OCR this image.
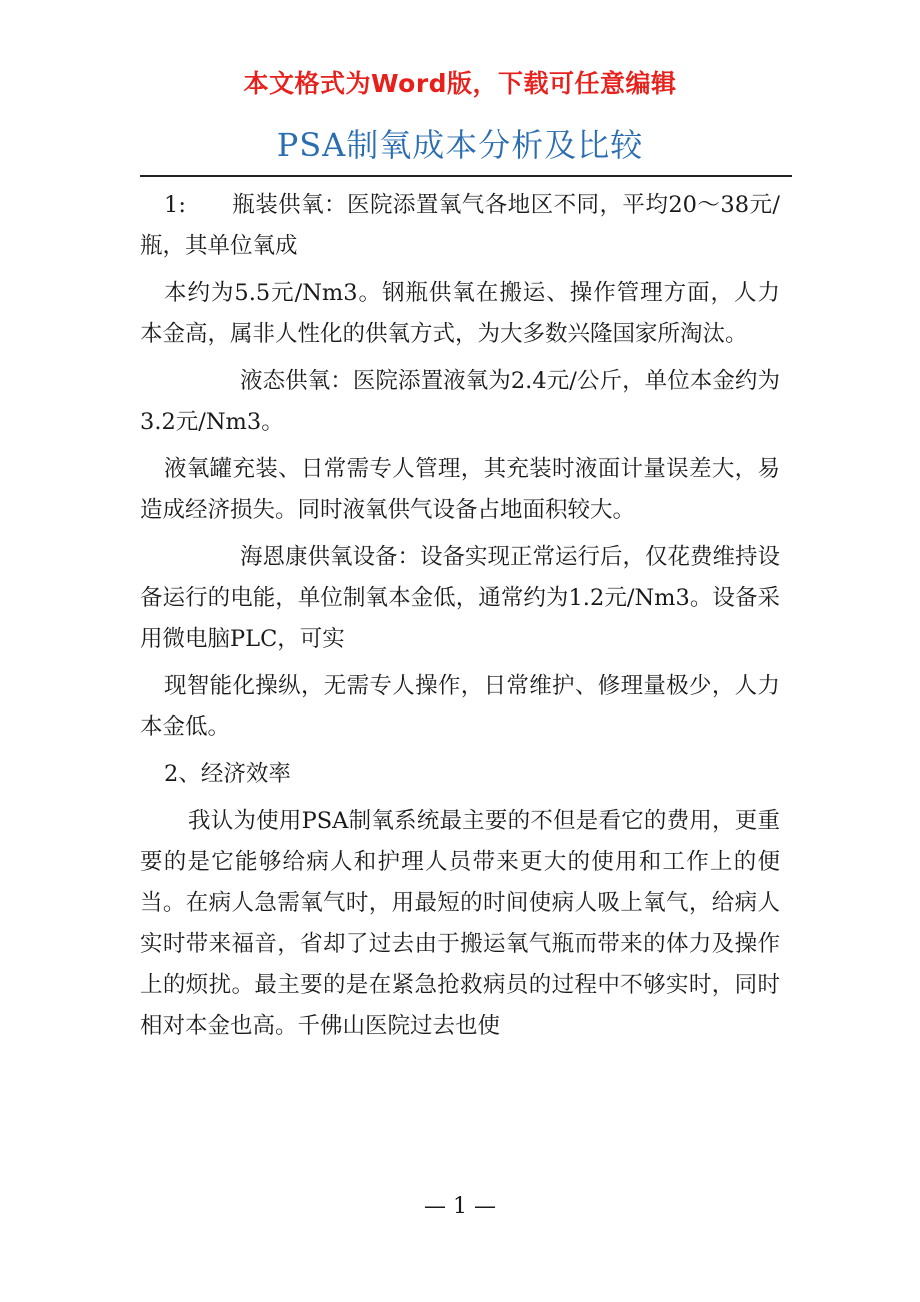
本文格式为Word版，下载可任意编辑
PSA制氧成本分析及比较

1:　　瓶装供氧：医院添置氧气各地区不同，平均20～38元/瓶，其单位氧成

本约为5.5元/Nm3。钢瓶供氧在搬运、操作管理方面，人力本金高，属非人性化的供氧方式，为大多数兴隆国家所淘汰。

液态供氧：医院添置液氧为2.4元/公斤，单位本金约为3.2元/Nm3。

液氧罐充装、日常需专人管理，其充装时液面计量误差大，易造成经济损失。同时液氧供气设备占地面积较大。

海恩康供氧设备：设备实现正常运行后，仅花费维持设备运行的电能，单位制氧本金低，通常约为1.2元/Nm3。设备采用微电脑PLC，可实

现智能化操纵，无需专人操作，日常维护、修理量极少，人力本金低。

2、经济效率

我认为使用PSA制氧系统最主要的不但是看它的费用，更重要的是它能够给病人和护理人员带来更大的使用和工作上的便当。在病人急需氧气时，用最短的时间使病人吸上氧气，给病人实时带来福音，省却了过去由于搬运氧气瓶而带来的体力及操作上的烦扰。最主要的是在紧急抢救病员的过程中不够实时，同时相对本金也高。千佛山医院过去也使

— 1 —
